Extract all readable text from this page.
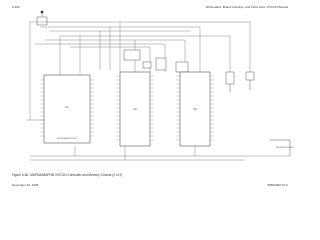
6-162	Schematics, Board Overlays, and Parts Lists: VOCON Boards
U1
MCF8 MEMORY BUS
U2	U3
D98-XXXXX-B DWG 2
Figure 6-66. MAPMA/MAPHB VOCON Controller and Memory Circuits (2 of 2)
November 10, 2008	6881096C73-O
